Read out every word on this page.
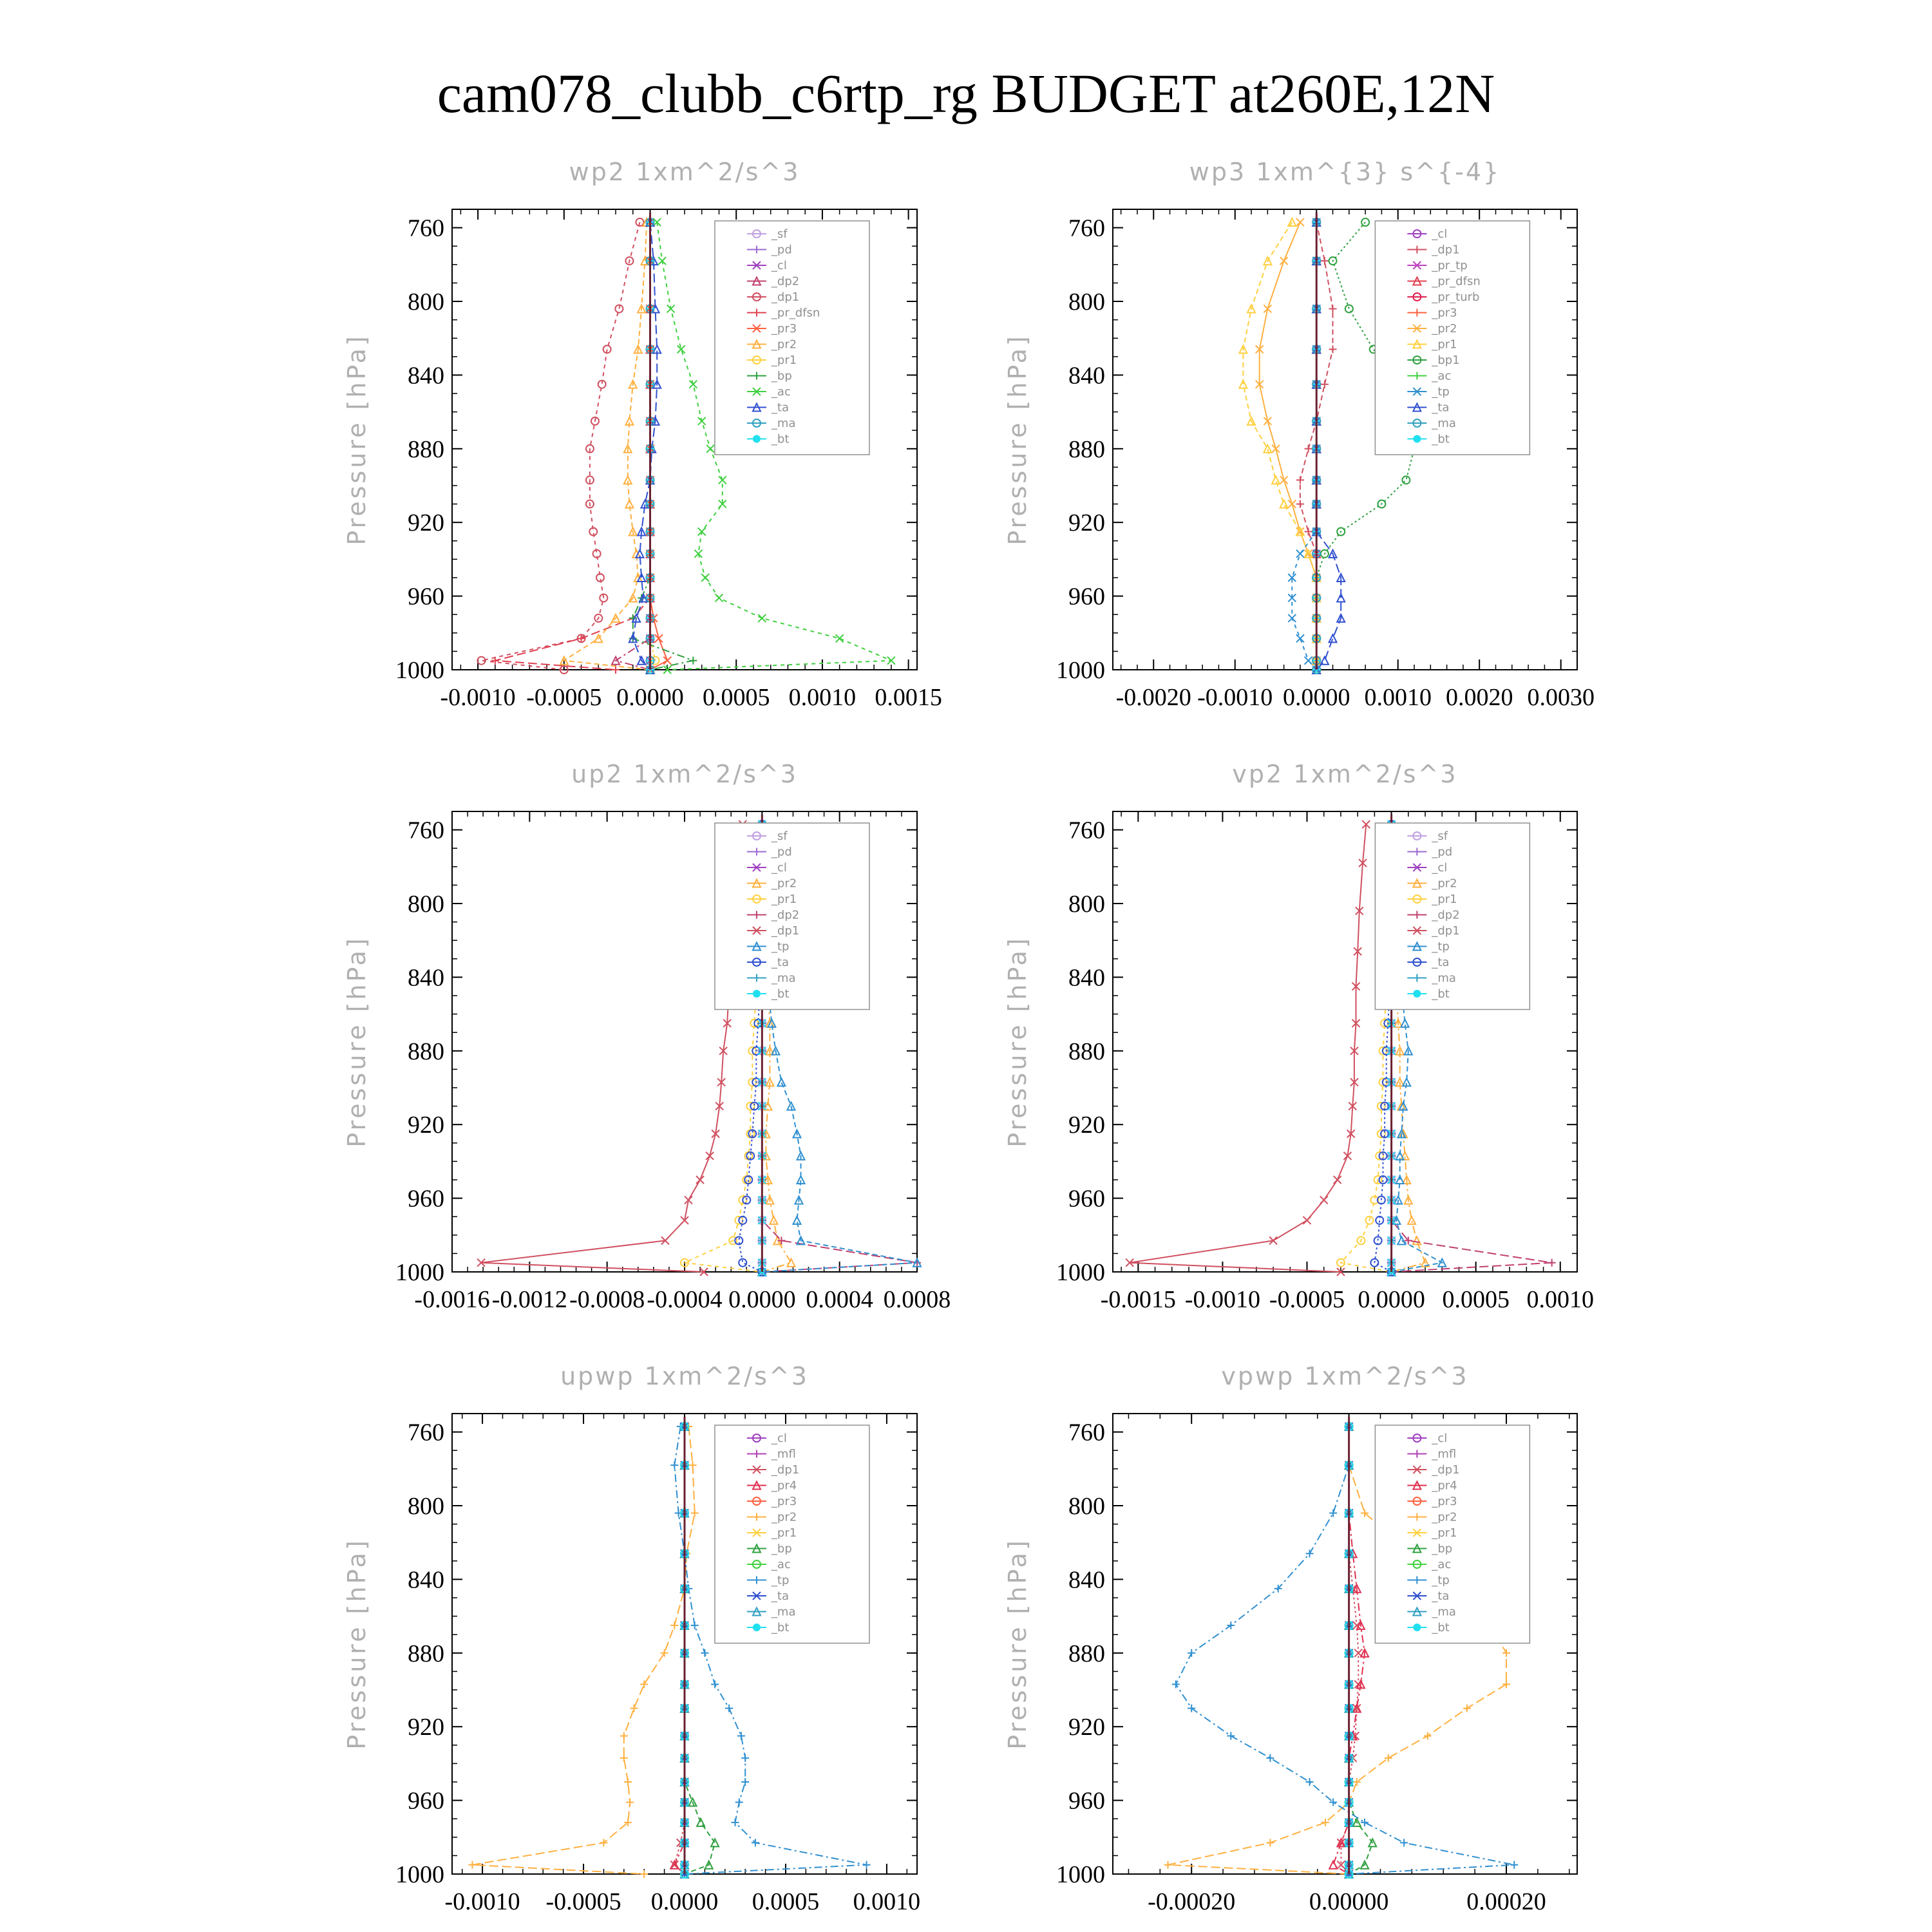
cam078_clubb_c6rtp_rg BUDGET at260E,12N
wp2 1xm^2/s^3
Pressure [hPa]
760
800
840
880
920
960
1000
-0.0010 -0.0005 0.0000 0.0005 0.0010 0.0015
_sf
_pd
_cl
_dp2
_dp1
_pr_dfsn
_pr3
_pr2
_pr1
_bp
_ac
_ta
_ma
_bt
wp3 1xm^{3} s^{-4}
Pressure [hPa]
760
800
840
880
920
960
1000
-0.0020 -0.0010 0.0000 0.0010 0.0020 0.0030
_cl
_dp1
_pr_tp
_pr_dfsn
_pr_turb
_pr3
_pr2
_pr1
_bp1
_ac
_tp
_ta
_ma
_bt
up2 1xm^2/s^3
Pressure [hPa]
760
800
840
880
920
960
1000
-0.0016 -0.0012 -0.0008 -0.0004 0.0000 0.0004 0.0008
_sf
_pd
_cl
_pr2
_pr1
_dp2
_dp1
_tp
_ta
_ma
_bt
vp2 1xm^2/s^3
Pressure [hPa]
760
800
840
880
920
960
1000
-0.0015 -0.0010 -0.0005 0.0000 0.0005 0.0010
_sf
_pd
_cl
_pr2
_pr1
_dp2
_dp1
_tp
_ta
_ma
_bt
upwp 1xm^2/s^3
Pressure [hPa]
760
800
840
880
920
960
1000
-0.0010 -0.0005 0.0000 0.0005 0.0010
_cl
_mfl
_dp1
_pr4
_pr3
_pr2
_pr1
_bp
_ac
_tp
_ta
_ma
_bt
vpwp 1xm^2/s^3
Pressure [hPa]
760
800
840
880
920
960
1000
-0.00020	0.00000	0.00020
_cl
_mfl
_dp1
_pr4
_pr3
_pr2
_pr1
_bp
_ac
_tp
_ta
_ma
_bt
